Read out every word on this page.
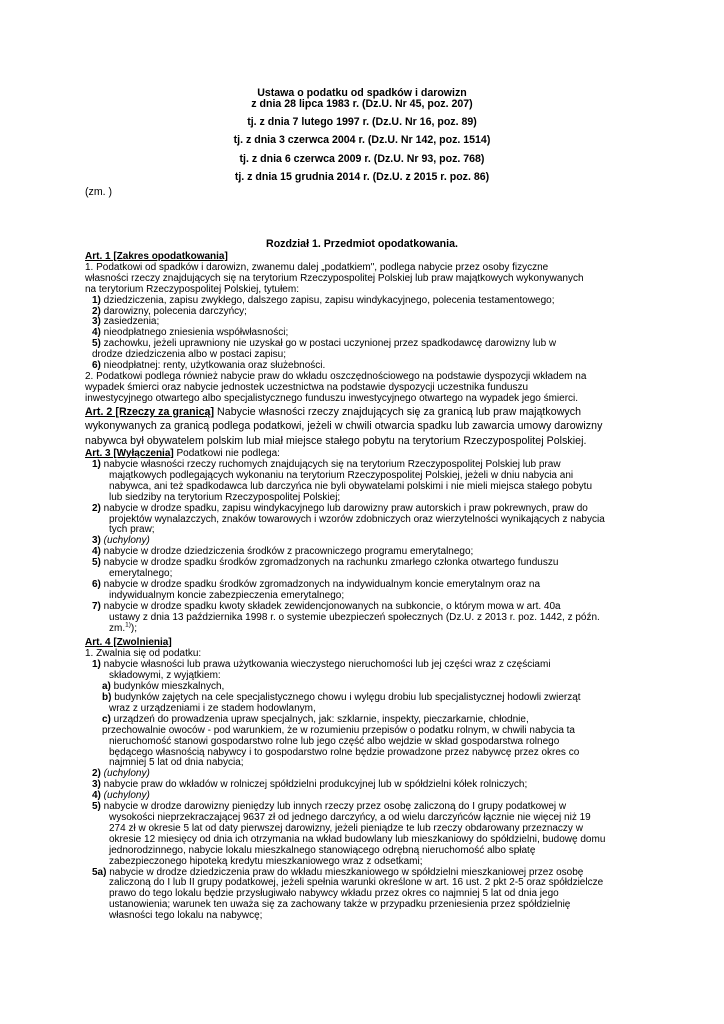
Ustawa o podatku od spadków i darowizn
z dnia 28 lipca 1983 r. (Dz.U. Nr 45, poz. 207)
tj. z dnia 7 lutego 1997 r. (Dz.U. Nr 16, poz. 89)
tj. z dnia 3 czerwca 2004 r. (Dz.U. Nr 142, poz. 1514)
tj. z dnia 6 czerwca 2009 r. (Dz.U. Nr 93, poz. 768)
tj. z dnia 15 grudnia 2014 r. (Dz.U. z 2015 r. poz. 86)
(zm. )
Rozdział 1. Przedmiot opodatkowania.

Art. 1 [Zakres opodatkowania]

1. Podatkowi od spadków i darowizn, zwanemu dalej „podatkiem", podlega nabycie przez osoby fizyczne
własności rzeczy znajdujących się na terytorium Rzeczypospolitej Polskiej lub praw majątkowych wykonywanych
na terytorium Rzeczypospolitej Polskiej, tytułem:

1) dziedziczenia, zapisu zwykłego, dalszego zapisu, zapisu windykacyjnego, polecenia testamentowego;

2) darowizny, polecenia darczyńcy;

3) zasiedzenia;

4) nieodpłatnego zniesienia współwłasności;

5) zachowku, jeżeli uprawniony nie uzyskał go w postaci uczynionej przez spadkodawcę darowizny lub w
drodze dziedziczenia albo w postaci zapisu;

6) nieodpłatnej: renty, użytkowania oraz służebności.

2. Podatkowi podlega również nabycie praw do wkładu oszczędnościowego na podstawie dyspozycji wkładem na
wypadek śmierci oraz nabycie jednostek uczestnictwa na podstawie dyspozycji uczestnika funduszu
inwestycyjnego otwartego albo specjalistycznego funduszu inwestycyjnego otwartego na wypadek jego śmierci.

Art. 2 [Rzeczy za granicą] Nabycie własności rzeczy znajdujących się za granicą lub praw majątkowych
wykonywanych za granicą podlega podatkowi, jeżeli w chwili otwarcia spadku lub zawarcia umowy darowizny
nabywca był obywatelem polskim lub miał miejsce stałego pobytu na terytorium Rzeczypospolitej Polskiej.

Art. 3 [Wyłączenia] Podatkowi nie podlega:

1) nabycie własności rzeczy ruchomych znajdujących się na terytorium Rzeczypospolitej Polskiej lub praw
majątkowych podlegających wykonaniu na terytorium Rzeczypospolitej Polskiej, jeżeli w dniu nabycia ani
nabywca, ani też spadkodawca lub darczyńca nie byli obywatelami polskimi i nie mieli miejsca stałego pobytu
lub siedziby na terytorium Rzeczypospolitej Polskiej;

2) nabycie w drodze spadku, zapisu windykacyjnego lub darowizny praw autorskich i praw pokrewnych, praw do
projektów wynalazczych, znaków towarowych i wzorów zdobniczych oraz wierzytelności wynikających z nabycia
tych praw;

3) (uchylony)

4) nabycie w drodze dziedziczenia środków z pracowniczego programu emerytalnego;

5) nabycie w drodze spadku środków zgromadzonych na rachunku zmarłego członka otwartego funduszu
emerytalnego;

6) nabycie w drodze spadku środków zgromadzonych na indywidualnym koncie emerytalnym oraz na
indywidualnym koncie zabezpieczenia emerytalnego;

7) nabycie w drodze spadku kwoty składek zewidencjonowanych na subkoncie, o którym mowa w art. 40a
ustawy z dnia 13 października 1998 r. o systemie ubezpieczeń społecznych (Dz.U. z 2013 r. poz. 1442, z późn.
zm.$^{1)}$);

Art. 4 [Zwolnienia]

1. Zwalnia się od podatku:

1) nabycie własności lub prawa użytkowania wieczystego nieruchomości lub jej części wraz z częściami
składowymi, z wyjątkiem:

a) budynków mieszkalnych,

b) budynków zajętych na cele specjalistycznego chowu i wylęgu drobiu lub specjalistycznej hodowli zwierząt
wraz z urządzeniami i ze stadem hodowlanym,

c) urządzeń do prowadzenia upraw specjalnych, jak: szklarnie, inspekty, pieczarkarnie, chłodnie,
przechowalnie owoców - pod warunkiem, że w rozumieniu przepisów o podatku rolnym, w chwili nabycia ta
nieruchomość stanowi gospodarstwo rolne lub jego część albo wejdzie w skład gospodarstwa rolnego
będącego własnością nabywcy i to gospodarstwo rolne będzie prowadzone przez nabywcę przez okres co
najmniej 5 lat od dnia nabycia;

2) (uchylony)

3) nabycie praw do wkładów w rolniczej spółdzielni produkcyjnej lub w spółdzielni kółek rolniczych;

4) (uchylony)

5) nabycie w drodze darowizny pieniędzy lub innych rzeczy przez osobę zaliczoną do I grupy podatkowej w
wysokości nieprzekraczającej 9637 zł od jednego darczyńcy, a od wielu darczyńców łącznie nie więcej niż 19
274 zł w okresie 5 lat od daty pierwszej darowizny, jeżeli pieniądze te lub rzeczy obdarowany przeznaczy w
okresie 12 miesięcy od dnia ich otrzymania na wkład budowlany lub mieszkaniowy do spółdzielni, budowę domu
jednorodzinnego, nabycie lokalu mieszkalnego stanowiącego odrębną nieruchomość albo spłatę
zabezpieczonego hipoteką kredytu mieszkaniowego wraz z odsetkami;

5a) nabycie w drodze dziedziczenia praw do wkładu mieszkaniowego w spółdzielni mieszkaniowej przez osobę
zaliczoną do I lub II grupy podatkowej, jeżeli spełnia warunki określone w art. 16 ust. 2 pkt 2-5 oraz spółdzielcze
prawo do tego lokalu będzie przysługiwało nabywcy wkładu przez okres co najmniej 5 lat od dnia jego
ustanowienia; warunek ten uważa się za zachowany także w przypadku przeniesienia przez spółdzielnię
własności tego lokalu na nabywcę;
